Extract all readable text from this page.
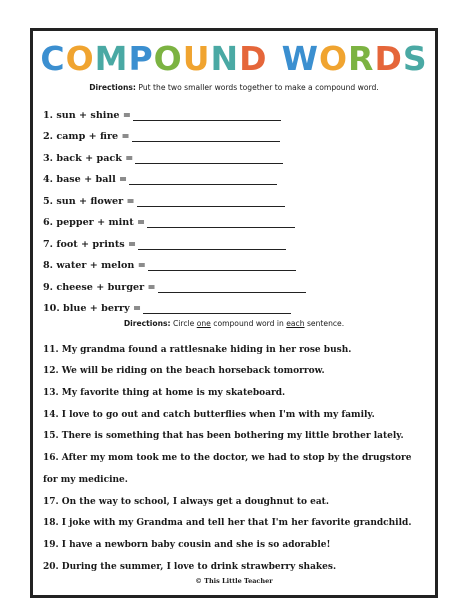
COMPOUND WORDS
Directions: Put the two smaller words together to make a compound word.
1. sun + shine =
2. camp + fire =
3. back + pack =
4. base + ball =
5. sun + flower =
6. pepper + mint =
7. foot + prints =
8. water + melon =
9. cheese + burger =
10. blue + berry =
Directions: Circle one compound word in each sentence.
11. My grandma found a rattlesnake hiding in her rose bush.
12. We will be riding on the beach horseback tomorrow.
13. My favorite thing at home is my skateboard.
14. I love to go out and catch butterflies when I'm with my family.
15. There is something that has been bothering my little brother lately.
16. After my mom took me to the doctor, we had to stop by the drugstore
for my medicine.
17. On the way to school, I always get a doughnut to eat.
18. I joke with my Grandma and tell her that I'm her favorite grandchild.
19. I have a newborn baby cousin and she is so adorable!
20. During the summer, I love to drink strawberry shakes.
© This Little Teacher
